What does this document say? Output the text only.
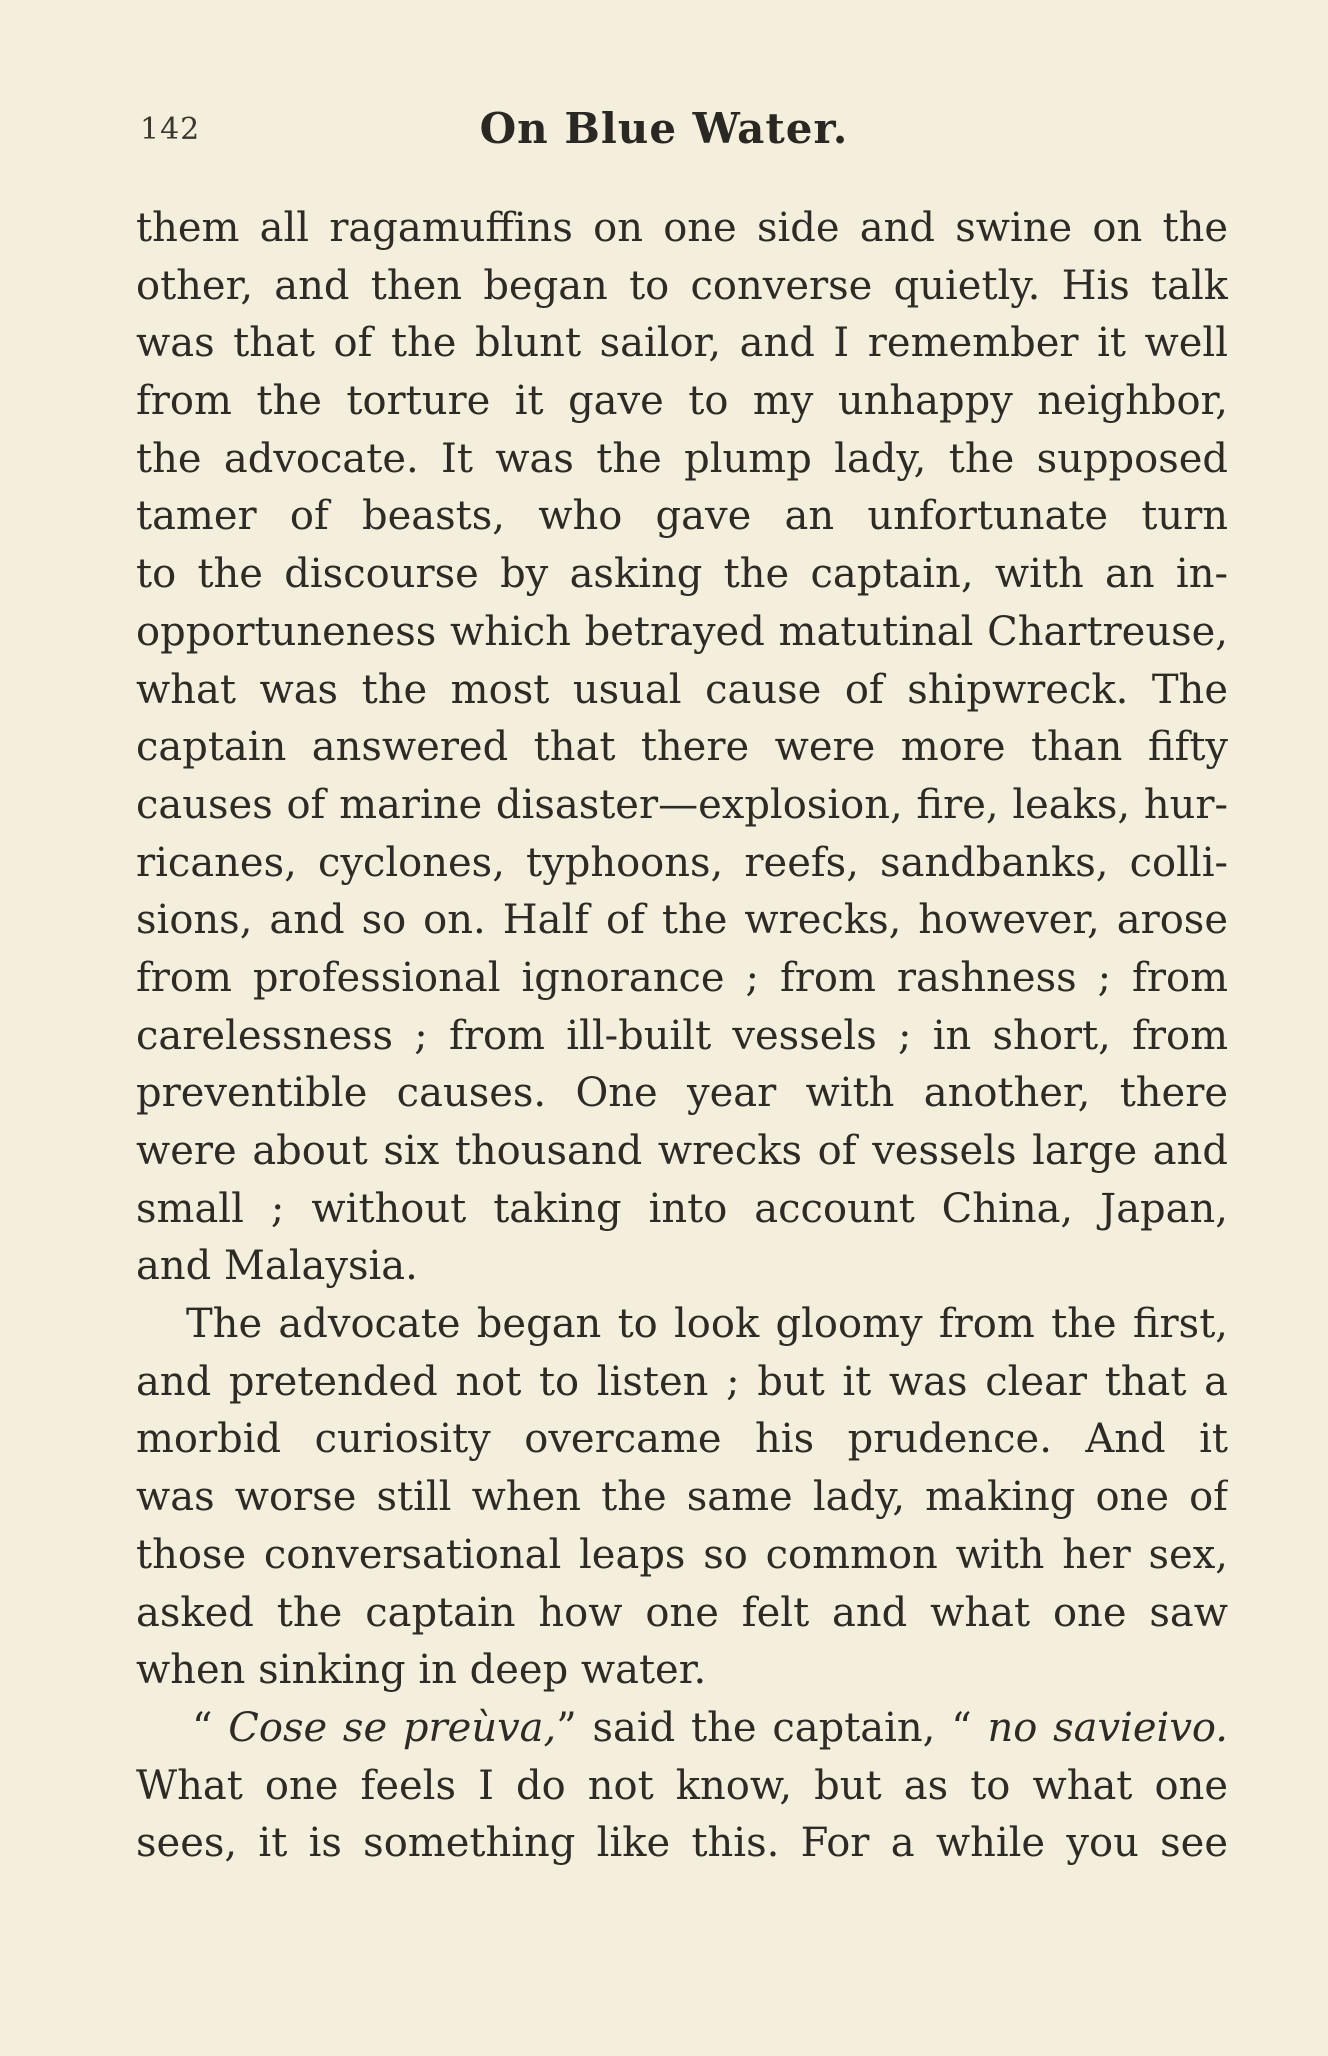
142	On Blue Water.
them all ragamuffins on one side and swine on the
other, and then began to converse quietly. His talk
was that of the blunt sailor, and I remember it well
from the torture it gave to my unhappy neighbor,
the advocate. It was the plump lady, the supposed
tamer of beasts, who gave an unfortunate turn
to the discourse by asking the captain, with an in-
opportuneness which betrayed matutinal Chartreuse,
what was the most usual cause of shipwreck. The
captain answered that there were more than fifty
causes of marine disaster—explosion, fire, leaks, hur-
ricanes, cyclones, typhoons, reefs, sandbanks, colli-
sions, and so on. Half of the wrecks, however, arose
from professional ignorance ; from rashness ; from
carelessness ; from ill-built vessels ; in short, from
preventible causes. One year with another, there
were about six thousand wrecks of vessels large and
small ; without taking into account China, Japan,
and Malaysia.
The advocate began to look gloomy from the first,
and pretended not to listen ; but it was clear that a
morbid curiosity overcame his prudence. And it
was worse still when the same lady, making one of
those conversational leaps so common with her sex,
asked the captain how one felt and what one saw
when sinking in deep water.
“ Cose se preùva,” said the captain, “ no savieivo.
What one feels I do not know, but as to what one
sees, it is something like this. For a while you see
